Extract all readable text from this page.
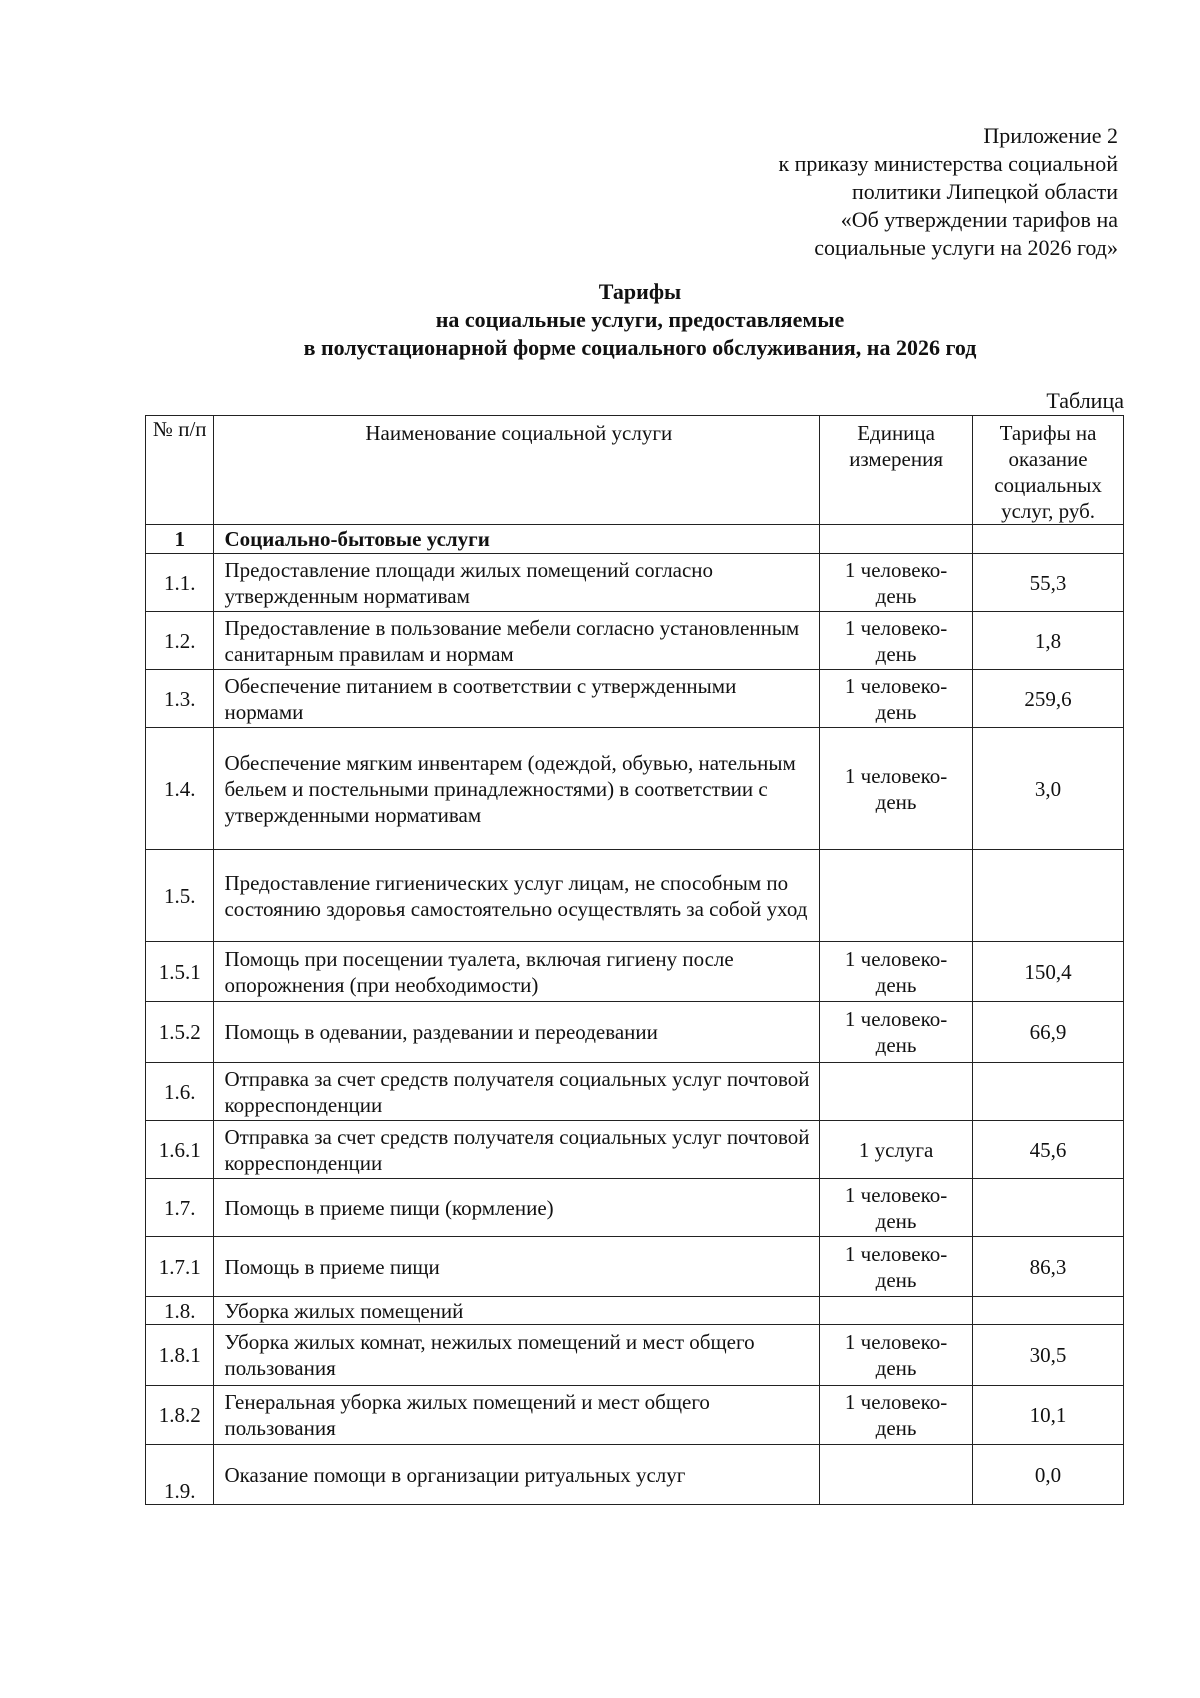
Приложение 2
к приказу министерства социальной
политики Липецкой области
«Об утверждении тарифов на
социальные услуги на 2026 год»
Тарифы
на социальные услуги, предоставляемые
в полустационарной форме социального обслуживания, на 2026 год
Таблица
№ п/п	Наименование социальной услуги	Единица измерения	Тарифы на оказание социальных услуг, руб.
1	Социально-бытовые услуги		
1.1.	Предоставление площади жилых помещений согласно утвержденным нормативам	1 человеко-день	55,3
1.2.	Предоставление в пользование мебели согласно установленным санитарным правилам и нормам	1 человеко-день	1,8
1.3.	Обеспечение питанием в соответствии с утвержденными нормами	1 человеко-день	259,6
1.4.	Обеспечение мягким инвентарем (одеждой, обувью, нательным бельем и постельными принадлежностями) в соответствии с утвержденными нормативам	1 человеко-день	3,0
1.5.	Предоставление гигиенических услуг лицам, не способным по состоянию здоровья самостоятельно осуществлять за собой уход		
1.5.1	Помощь при посещении туалета, включая гигиену после опорожнения (при необходимости)	1 человеко-день	150,4
1.5.2	Помощь в одевании, раздевании и переодевании	1 человеко-день	66,9
1.6.	Отправка за счет средств получателя социальных услуг почтовой корреспонденции		
1.6.1	Отправка за счет средств получателя социальных услуг почтовой корреспонденции	1 услуга	45,6
1.7.	Помощь в приеме пищи (кормление)	1 человеко-день	
1.7.1	Помощь в приеме пищи	1 человеко-день	86,3
1.8.	Уборка жилых помещений		
1.8.1	Уборка жилых комнат, нежилых помещений и мест общего пользования	1 человеко-день	30,5
1.8.2	Генеральная уборка жилых помещений и мест общего пользования	1 человеко-день	10,1
1.9.	Оказание помощи в организации ритуальных услуг		0,0
